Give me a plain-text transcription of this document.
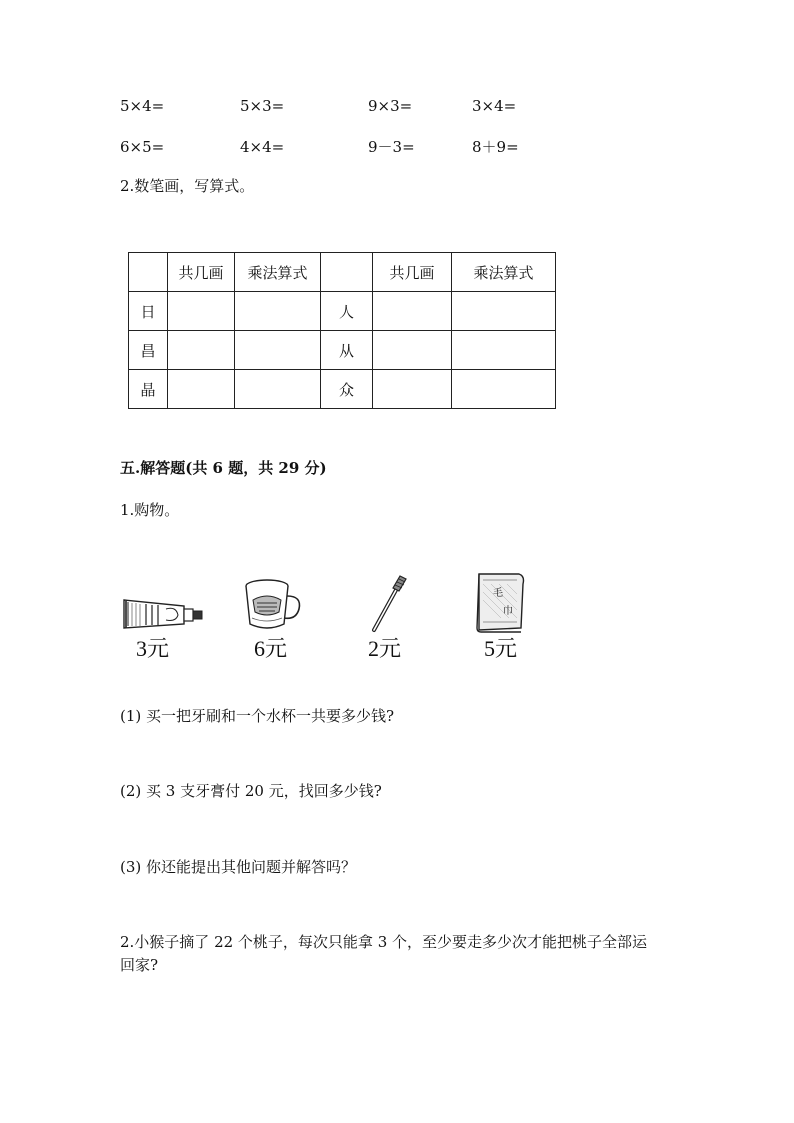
5×4=	5×3=	9×3=	3×4=
6×5=	4×4=	9－3=	8＋9=
2.数笔画，写算式。
	共几画	乘法算式		共几画	乘法算式
日			人		
昌			从		
晶			众		
五.解答题(共 6 题，共 29 分)
1.购物。
3元	6元	2元
毛
巾
5元
(1) 买一把牙刷和一个水杯一共要多少钱?
(2) 买 3 支牙膏付 20 元，找回多少钱?
(3) 你还能提出其他问题并解答吗？
2.小猴子摘了 22 个桃子，每次只能拿 3 个，至少要走多少次才能把桃子全部运
回家?
